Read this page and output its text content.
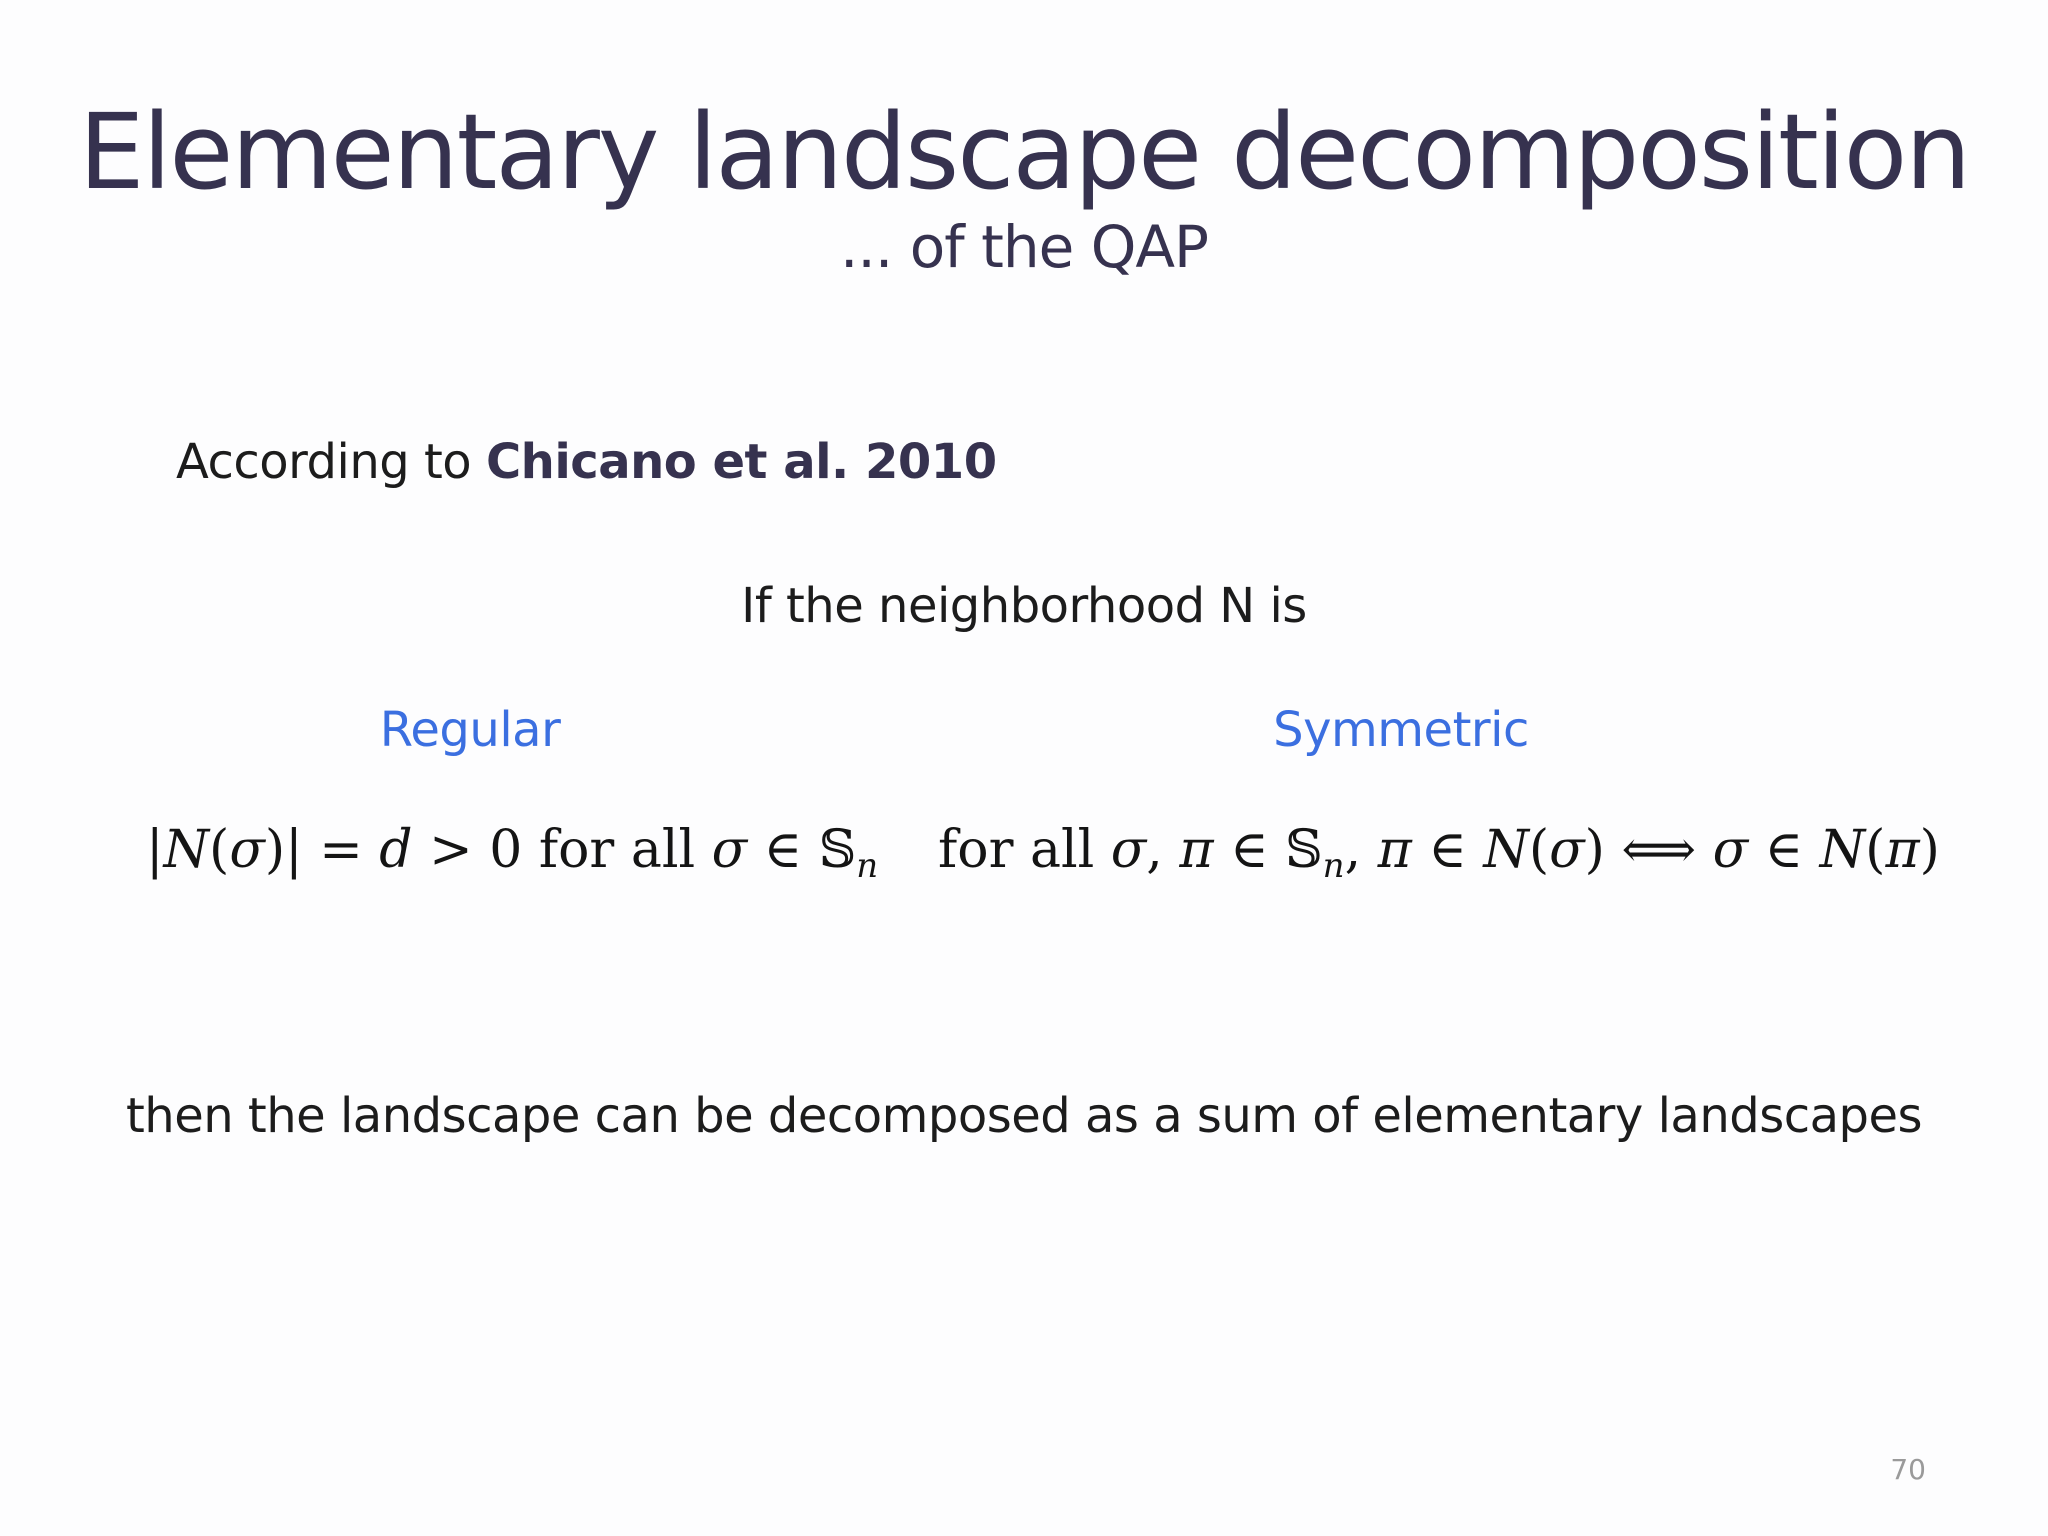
Elementary landscape decomposition
... of the QAP
According to Chicano et al. 2010
If the neighborhood N is
Regular	Symmetric
|N(σ)| = d > 0 for all σ ∈ 𝕊$_n$ for all σ, π ∈ 𝕊$_n$, π ∈ N(σ) ⟺ σ ∈ N(π)
then the landscape can be decomposed as a sum of elementary landscapes
70
